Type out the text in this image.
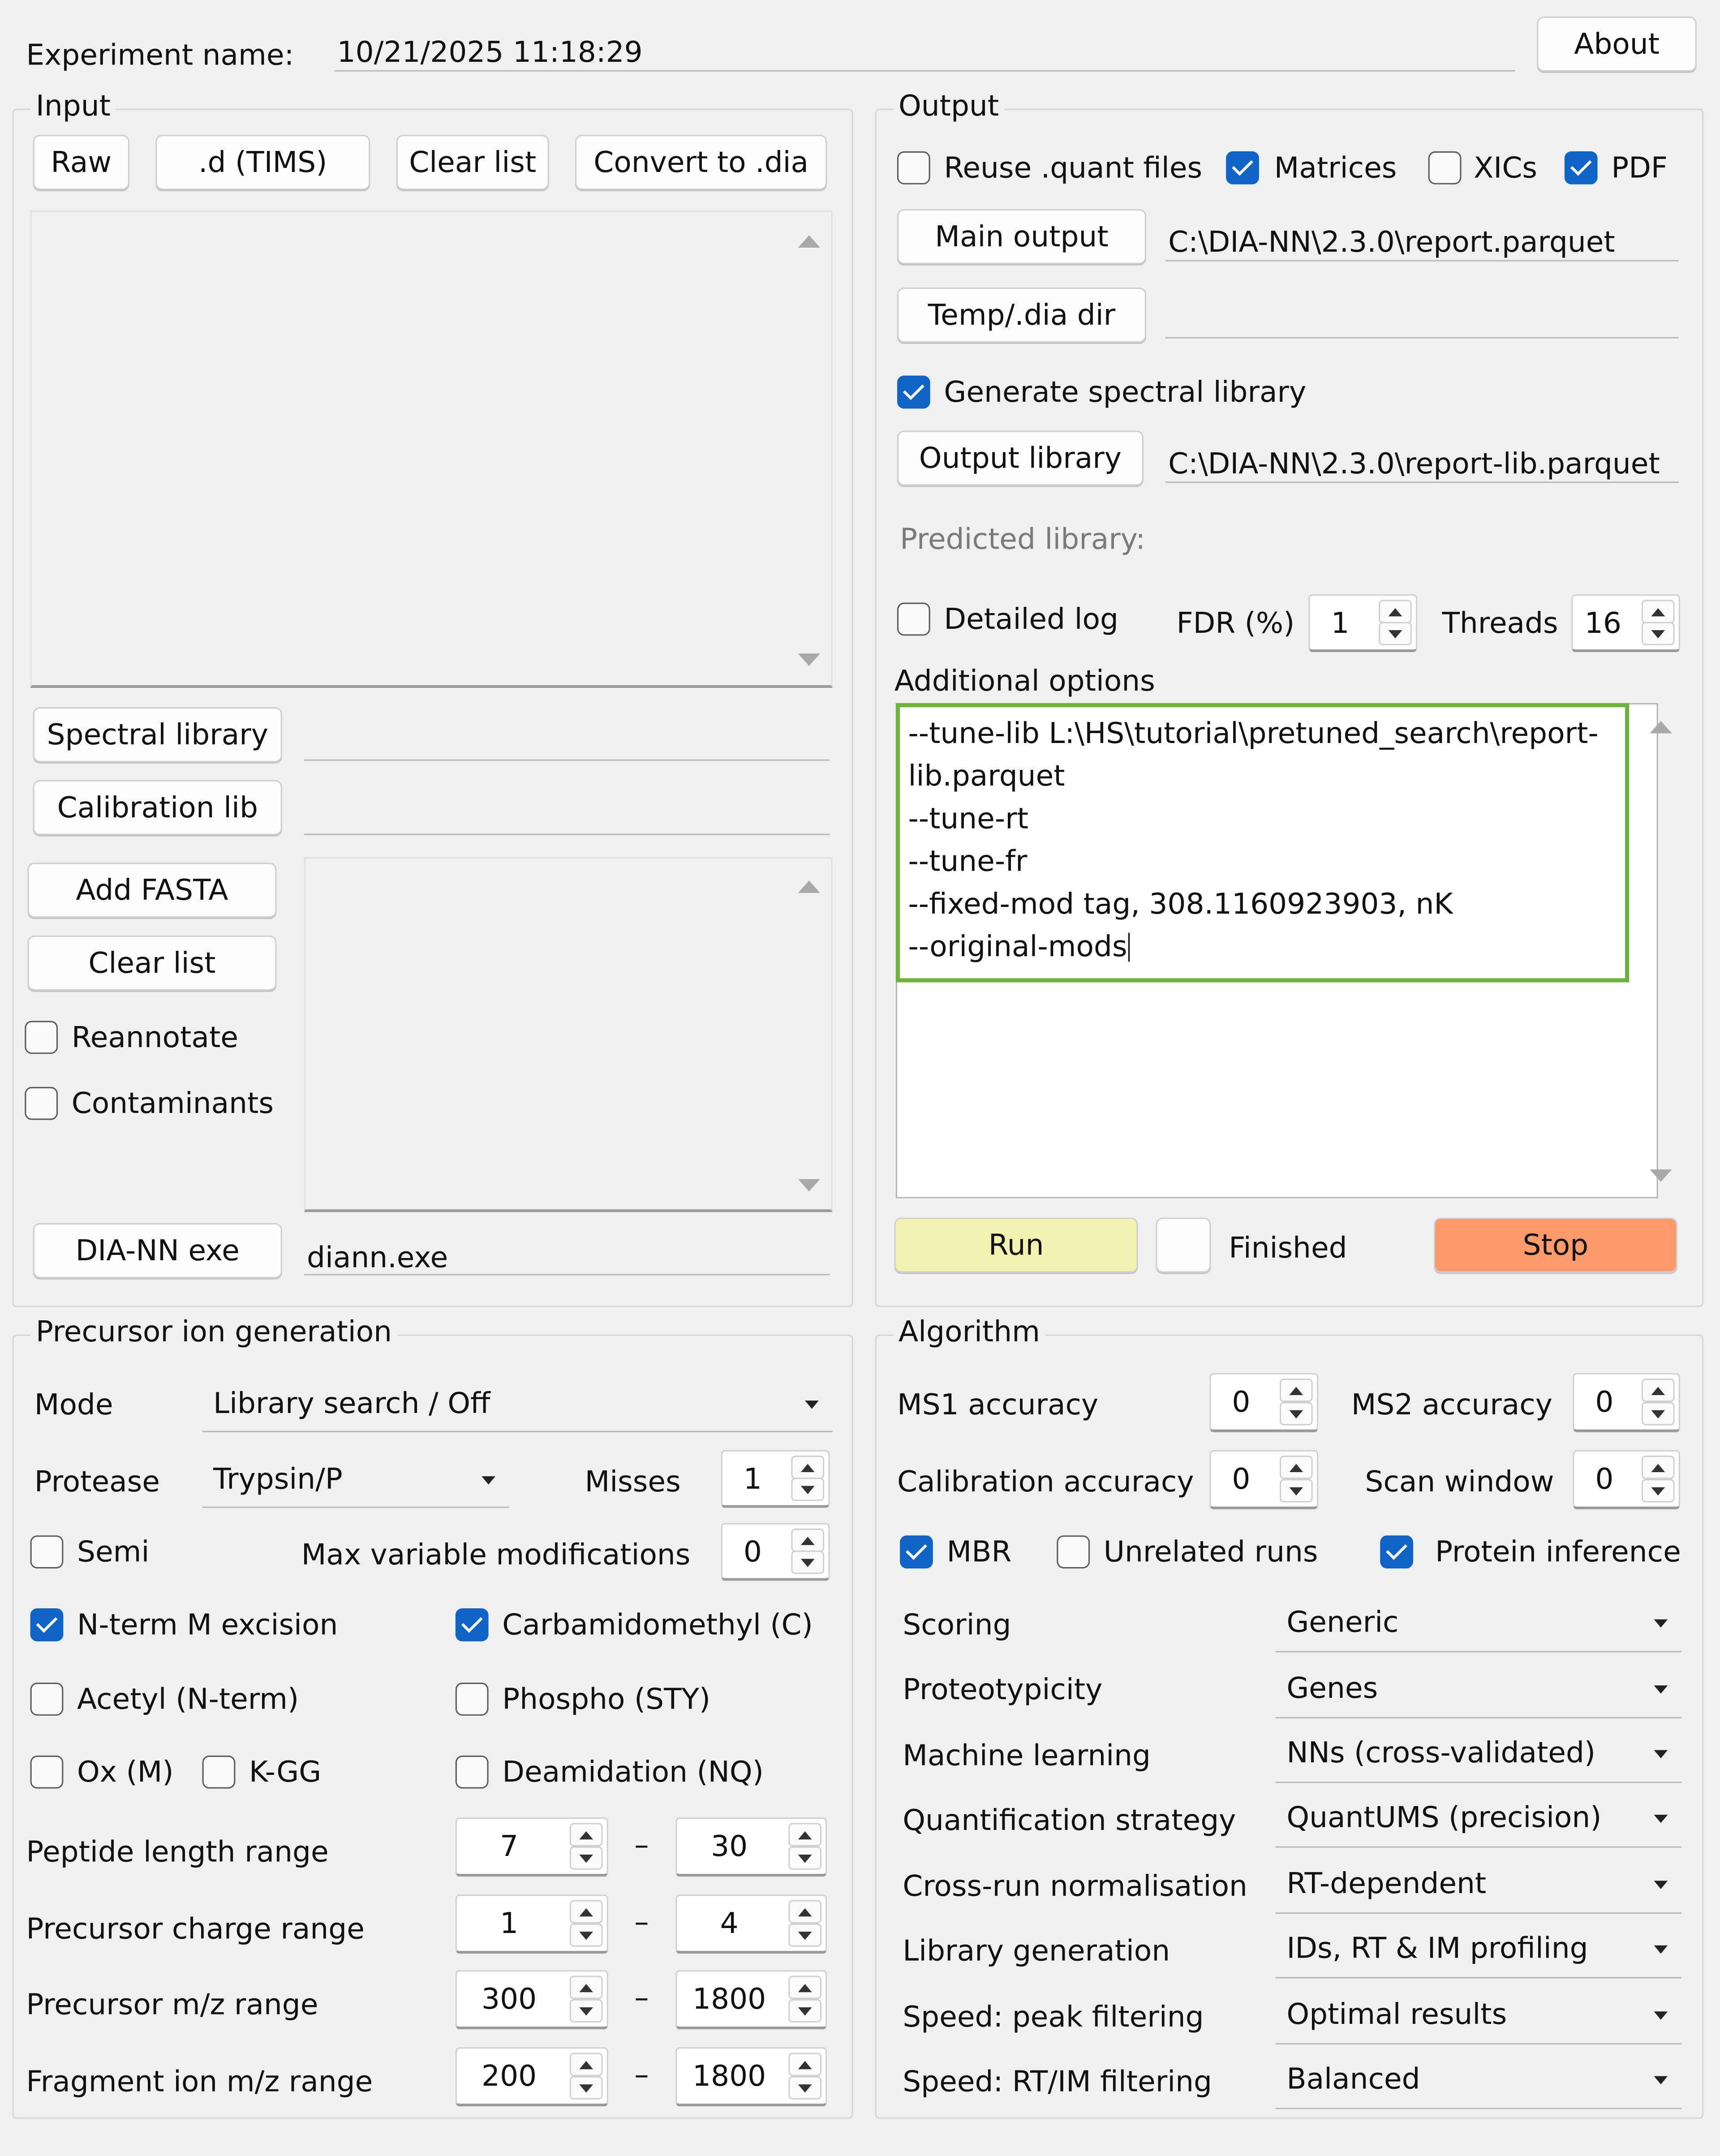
Experiment name:	10/21/2025 11:18:29	About
Input
Raw	.d (TIMS)	Clear list	Convert to .dia
Spectral library
Calibration lib
Add FASTA
Clear list
Reannotate
Contaminants
DIA-NN exe	diann.exe
Output
Reuse .quant files	Matrices	XICs	PDF
Main output	C:\DIA-NN\2.3.0\report.parquet
Temp/.dia dir
Generate spectral library
Output library	C:\DIA-NN\2.3.0\report-lib.parquet
Predicted library:
Detailed log	FDR (%)	1	Threads	16
Additional options
--tune-lib L:\HS\tutorial\pretuned_search\report-
lib.parquet
--tune-rt
--tune-fr
--fixed-mod tag, 308.1160923903, nK
--original-mods
Run	Finished	Stop
Precursor ion generation
Mode	Library search / Off
Protease	Trypsin/P	Misses	1
Semi	Max variable modifications	0
N-term M excision	Carbamidomethyl (C)
Acetyl (N-term)	Phospho (STY)
Ox (M)	K-GG	Deamidation (NQ)
Peptide length range	7	–	30
Precursor charge range	1	–	4
Precursor m/z range	300	–	1800
Fragment ion m/z range	200	–	1800
Algorithm
MS1 accuracy	0	MS2 accuracy	0
Calibration accuracy	0	Scan window	0
MBR	Unrelated runs	Protein inference
Scoring	Generic
Proteotypicity	Genes
Machine learning	NNs (cross-validated)
Quantification strategy	QuantUMS (precision)
Cross-run normalisation	RT-dependent
Library generation	IDs, RT & IM profiling
Speed: peak filtering	Optimal results
Speed: RT/IM filtering	Balanced
